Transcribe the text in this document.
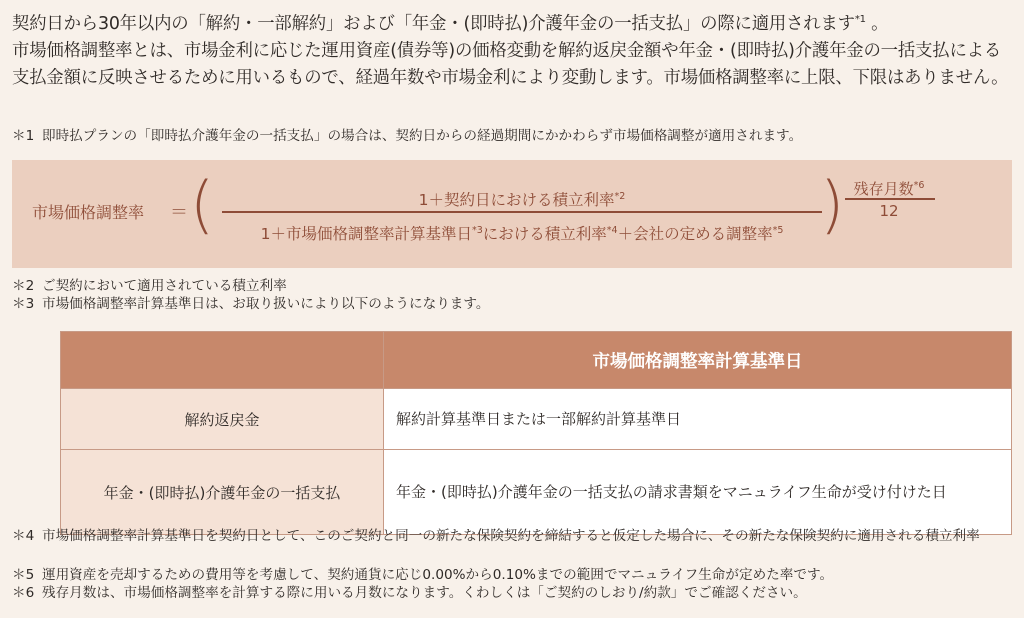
契約日から30年以内の「解約・一部解約」および「年金・(即時払)介護年金の一括支払」の際に適用されます$^{*1}$ 。

市場価格調整率とは、市場金利に応じた運用資産(債券等)の価格変動を解約返戻金額や年金・(即時払)介護年金の一括支払による支払金額に反映させるために用いるもので、経過年数や市場金利により変動します。市場価格調整率に上限、下限はありません。

＊1 即時払プランの「即時払介護年金の一括支払」の場合は、契約日からの経過期間にかかわらず市場価格調整が適用されます。
市場価格調整率 ＝ (	1＋契約日における積立利率$^{*2}$
1＋市場価格調整率計算基準日$^{*3}$における積立利率$^{*4}$＋会社の定める調整率$^{*5}$ ) 残存月数$^{*6}$
12
＊2 ご契約において適用されている積立利率
＊3 市場価格調整率計算基準日は、お取り扱いにより以下のようになります。
	市場価格調整率計算基準日
解約返戻金	解約計算基準日または一部解約計算基準日
年金・(即時払)介護年金の一括支払	年金・(即時払)介護年金の一括支払の請求書類をマニュライフ生命が受け付けた日
＊4 市場価格調整率計算基準日を契約日として、このご契約と同一の新たな保険契約を締結すると仮定した場合に、その新たな保険契約に適用される積立利率
＊5 運用資産を売却するための費用等を考慮して、契約通貨に応じ0.00%から0.10%までの範囲でマニュライフ生命が定めた率です。
＊6 残存月数は、市場価格調整率を計算する際に用いる月数になります。くわしくは「ご契約のしおり/約款」でご確認ください。
